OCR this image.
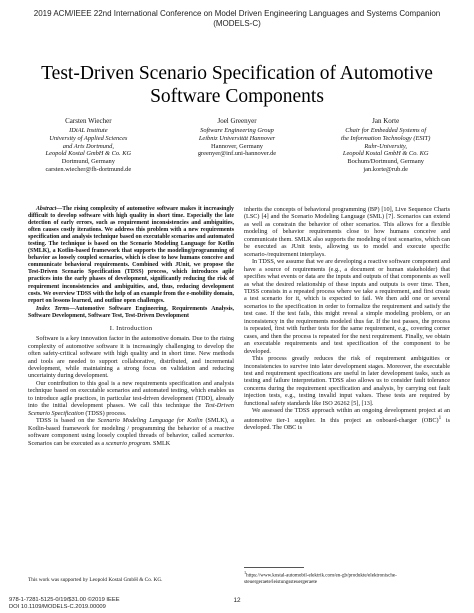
2019 ACM/IEEE 22nd International Conference on Model Driven Engineering Languages and Systems Companion
(MODELS-C)
Test-Driven Scenario Specification of Automotive
Software Components
Carsten Wiecher
IDiAL Institute
University of Applied Sciences
and Arts Dortmund,
Leopold Kostal GmbH & Co. KG
Dortmund, Germany
carsten.wiecher@fh-dortmund.de
Joel Greenyer
Software Engineering Group
Leibniz Universität Hannover
Hannover, Germany
greenyer@inf.uni-hannover.de
Jan Korte
Chair for Embedded Systems of
the Information Technology (ESIT)
Ruhr-University,
Leopold Kostal GmbH & Co. KG
Bochum/Dortmund, Germany
jan.korte@rub.de

Abstract—The rising complexity of automotive software makes it increasingly difficult to develop software with high quality in short time. Especially the late detection of early errors, such as requirement inconsistencies and ambiguities, often causes costly iterations. We address this problem with a new requirements specification and analysis technique based on executable scenarios and automated testing. The technique is based on the Scenario Modeling Language for Kotlin (SMLK), a Kotlin-based framework that supports the modeling/programming of behavior as loosely coupled scenarios, which is close to how humans conceive and communicate behavioral requirements. Combined with JUnit, we propose the Test-Driven Scenario Specification (TDSS) process, which introduces agile practices into the early phases of development, significantly reducing the risk of requirement inconsistencies and ambiguities, and, thus, reducing development costs. We overview TDSS with the help of an example from the e-mobility domain, report on lessons learned, and outline open challenges.

Index Terms—Automotive Software Engineering, Requirements Analysis, Software Development, Software Test, Test-Driven Development

I. Introduction

Software is a key innovation factor in the automotive domain. Due to the rising complexity of automotive software it is increasingly challenging to develop the often safety-critical software with high quality and in short time. New methods and tools are needed to support collaborative, distributed, and incremental development, while maintaining a strong focus on validation and reducing uncertainty during development.

Our contribution to this goal is a new requirements specification and analysis technique based on executable scenarios and automated testing, which enables us to introduce agile practices, in particular test-driven development (TDD), already into the initial development phases. We call this technique the Test-Driven Scenario Specification (TDSS) process.

TDSS is based on the Scenario Modeling Language for Kotlin (SMLK), a Kotlin-based framework for modeling / programming the behavior of a reactive software component using loosely coupled threads of behavior, called scenarios. Scenarios can be executed as a scenario program. SMLK

inherits the concepts of behavioral programming (BP) [10], Live Sequence Charts (LSC) [4] and the Scenario Modeling Language (SML) [7]. Scenarios can extend as well as constrain the behavior of other scenarios. This allows for a flexible modeling of behavior requirements close to how humans conceive and communicate them. SMLK also supports the modeling of test scenarios, which can be executed as JUnit tests, allowing us to model and execute specific scenario-/requirement interplays.

In TDSS, we assume that we are developing a reactive software component and have a source of requirements (e.g., a document or human stakeholder) that specifies what events or data are the inputs and outputs of that components as well as what the desired relationship of these inputs and outputs is over time. Then, TDSS consists in a repeated process where we take a requirement, and first create a test scenario for it, which is expected to fail. We then add one or several scenarios to the specification in order to formalize the requirement and satisfy the test case. If the test fails, this might reveal a simple modeling problem, or an inconsistency in the requirements modeled thus far. If the test passes, the process is repeated, first with further tests for the same requirement, e.g., covering corner cases, and then the process is repeated for the next requirement. Finally, we obtain an executable requirements and test specification of the component to be developed.

This process greatly reduces the risk of requirement ambiguities or inconsistencies to survive into later development stages. Moreover, the executable test and requirement specifications are useful in later development tasks, such as testing and failure interpretation. TDSS also allows us to consider fault tolerance concerns during the requirement specification and analysis, by carrying out fault injection tests, e.g., testing invalid input values. These tests are required by functional safety standards like ISO 26262 [5], [13].

We assessed the TDSS approach within an ongoing development project at an automotive tier-1 supplier. In this project an onboard-charger (OBC)$^1$ is developed. The OBC is

$^1$https://www.kostal-automobil-elektrik.com/en-gb/produkte/elektronische-steuergeraete/leistungssteuergeraete
This work was supported by Leopold Kostal GmbH & Co. KG.
978-1-7281-5125-0/19/$31.00 ©2019 IEEE
DOI 10.1109/MODELS-C.2019.00009
12
